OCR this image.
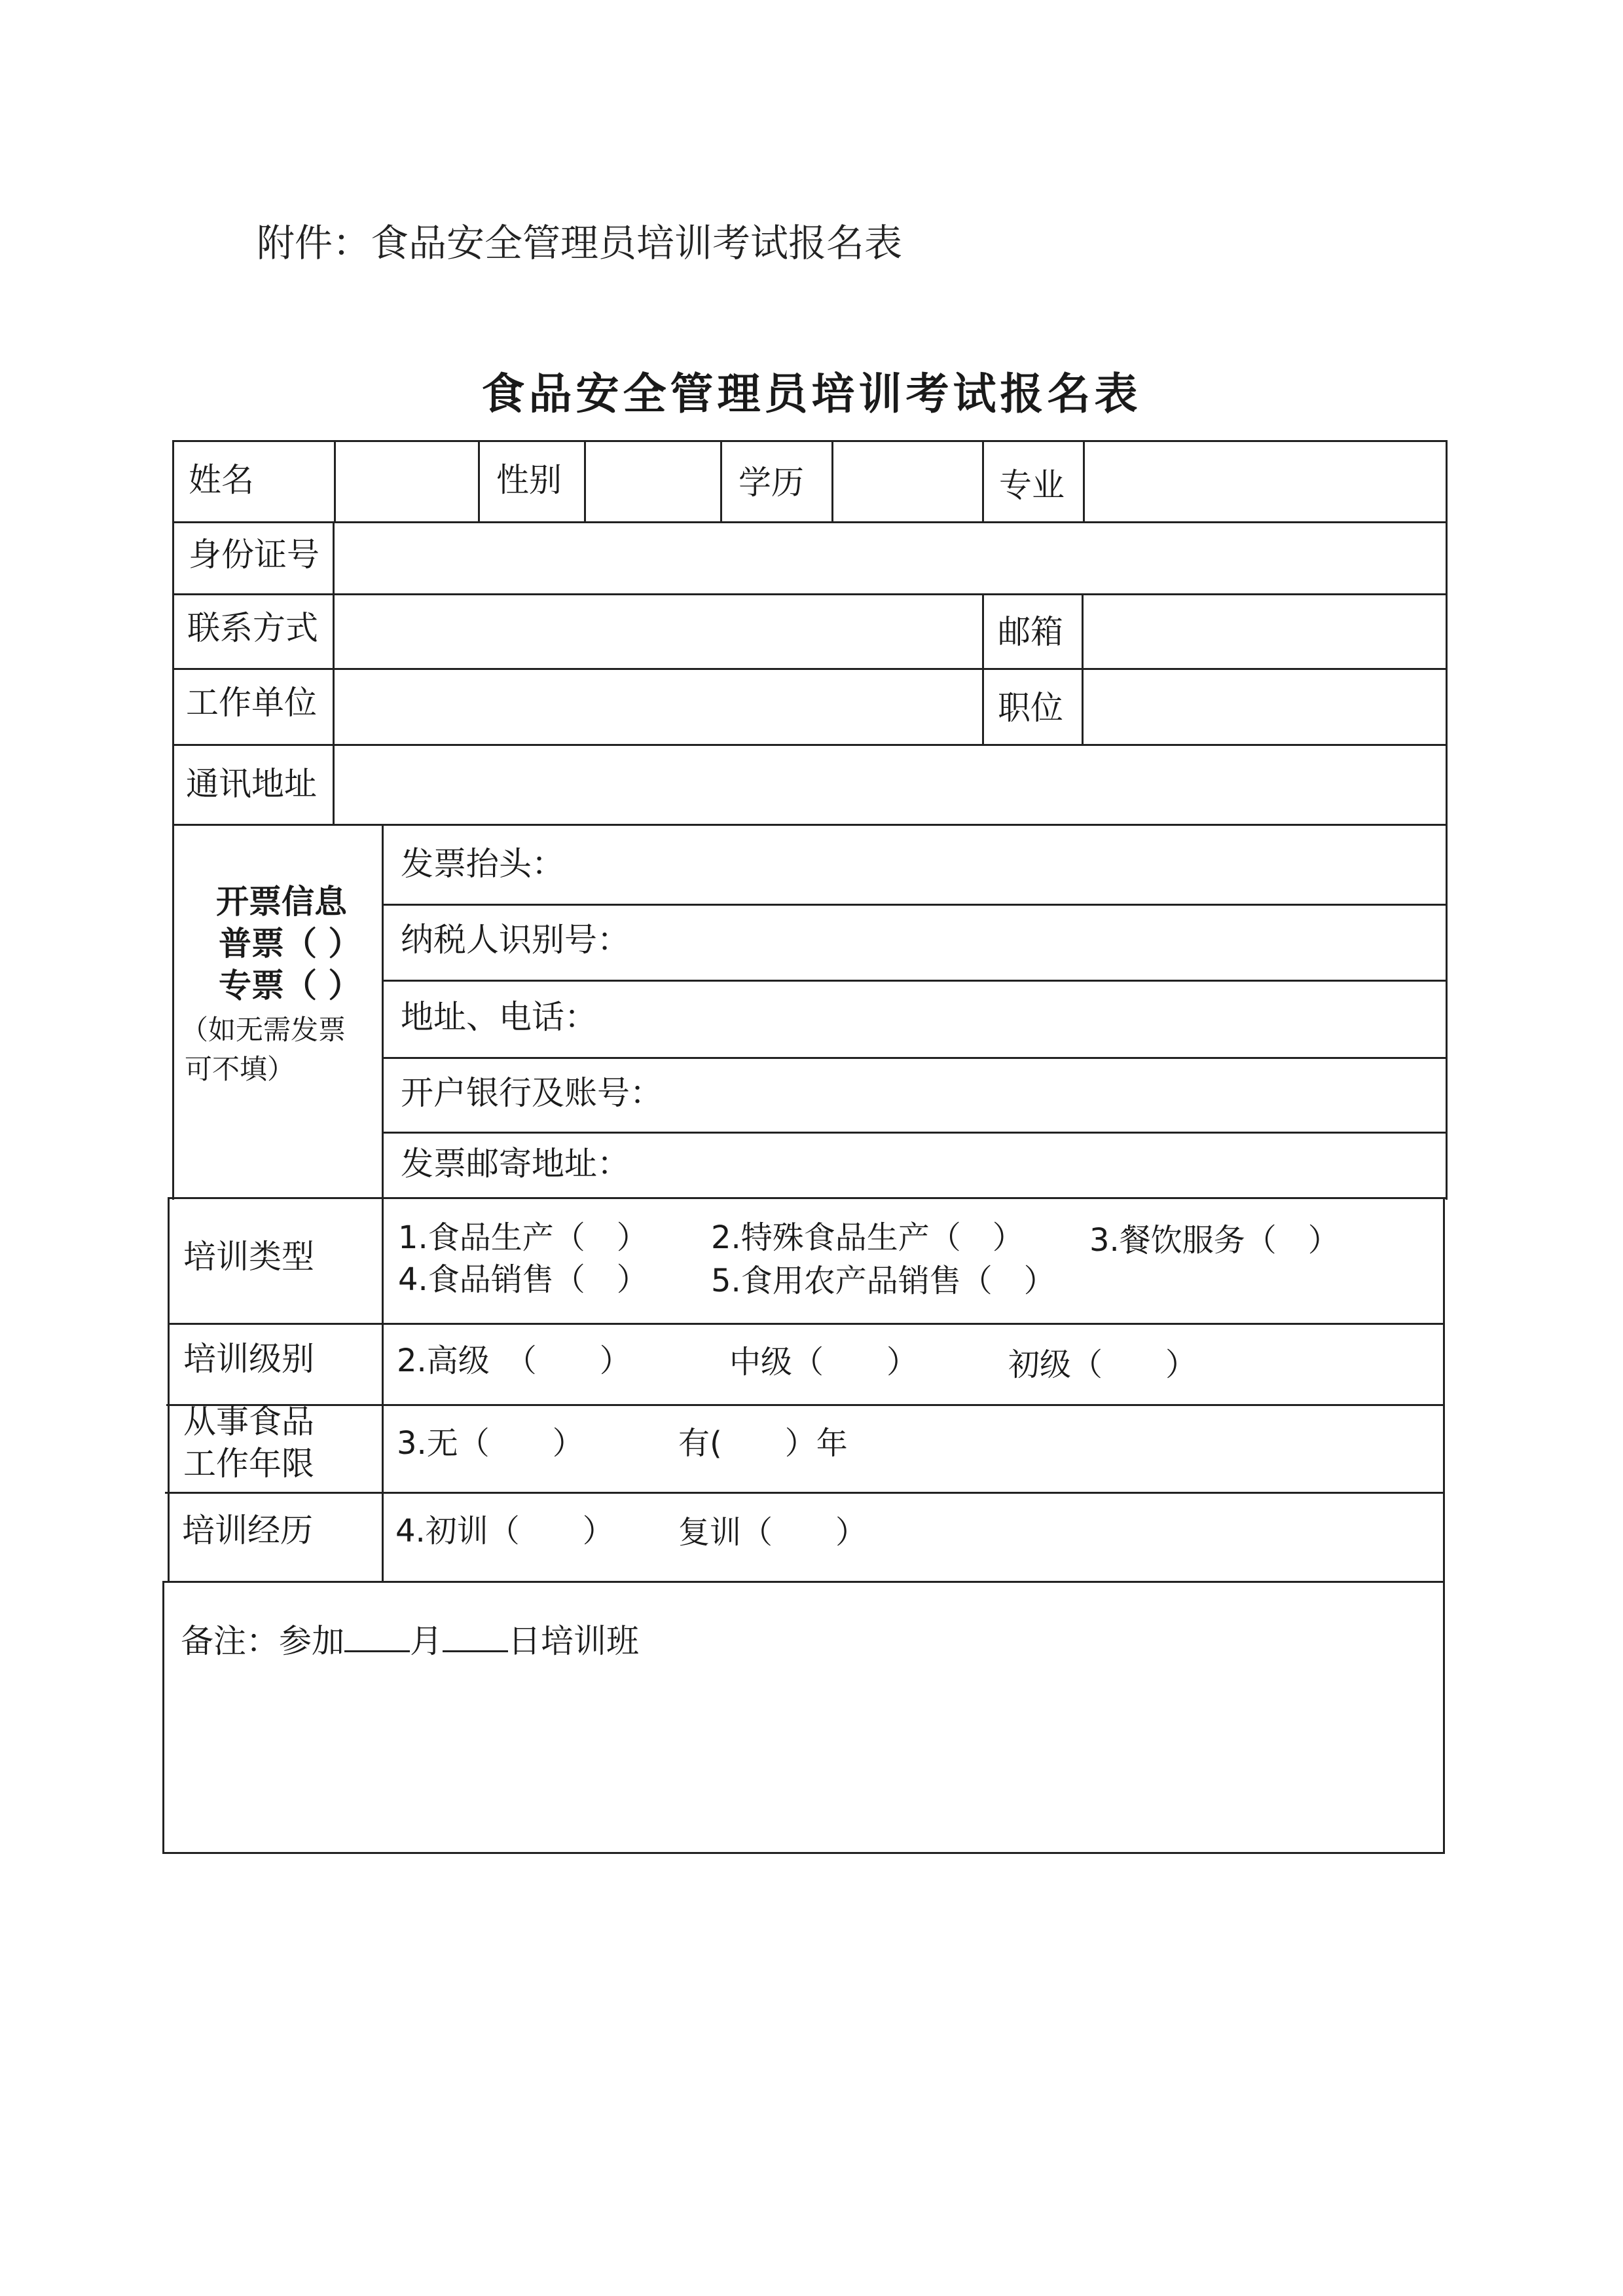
附件：食品安全管理员培训考试报名表
食品安全管理员培训考试报名表
姓名	性别	学历	专业
身份证号
联系方式	邮箱
工作单位	职位
通讯地址
开票信息
普票（ ）
专票（ ）
（如无需发票
可不填）
发票抬头：
纳税人识别号：
地址、电话：
开户银行及账号：
发票邮寄地址：
培训类型	1.食品生产（　） 2.特殊食品生产（　） 3.餐饮服务（　）
4.食品销售（　） 5.食用农产品销售（　）
培训级别	2.高级　（　　）	中级（　　）	初级（　　）
从事食品
工作年限
3.无（　　）	有(　　）年
培训经历	4.初训（　　） 复训（　　）
备注：参加 月 日培训班
